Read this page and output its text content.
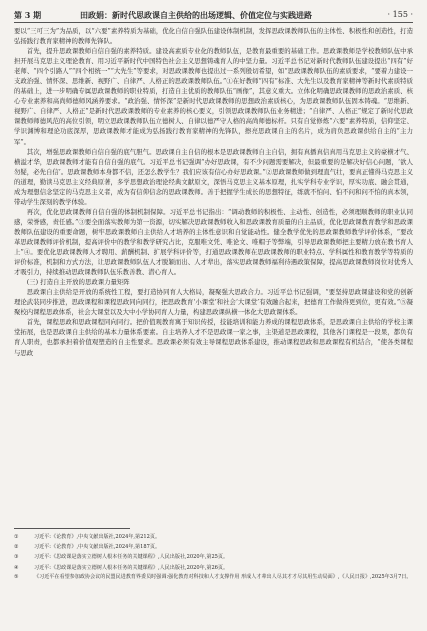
第 3 期	田政娟：新时代思政课自主供给的出场逻辑、价值定位与实践进路	· 155 ·

要以“三可三为”为品质，以“六要”素养特质为基础，优化自信自强队伍建设体制机制，发挥思政课教师队伍的主体性、积极性和创造性，打造弘扬践行教育家精神的教师先锋队。

首先，提升思政课教师自信自强的素养特质。建设高素质专业化的教师队伍，是教育最重要的基础工作。思政课教师是学校教师队伍中承担开展马克思主义理论教育、用习近平新时代中国特色社会主义思想铸魂育人的中坚力量。习近平总书记对新时代教师队伍建设提出“四有”好老师、“四个引路人”“四个相统一”“大先生”等要求，对思政课教师也提出过一系列殷切希望，如“思政课教师队伍的素质要求，“要着力建设一支政治强、情怀深、思维新、视野广、自律严、人格正的思政课教师队伍。”①在好教师“四有”标准、大先生以及教育家精神等新时代素质特质的基础上，进一步明确专属思政课教师的职业特质，打造自主优质的教师队伍“画像”，其意义重大。立体化明确思政课教师的思政治素质、核心专业素养和高尚师德师风涵养要求。“政治强、情怀深”是新时代思政课教师的思想政治素质核心，为思政课教师队伍固本铸魂。“思维新、视野广、自律严、人格正”是新时代思政课教师的专业素养的核心要义，引领思政课教师队伍业务精进；“自律严、人格正”规定了新时代思政课教师师德风范的高位引领，明立思政课教师队伍立德树人、自律以德严守人格的高尚师德标杆。只有自觉修炼“六要”素养特质，信仰坚定、学识渊博和理论功底深厚，思政课教师才能成为弘扬践行教育家精神的先锋队，擦亮思政课自主的名片，成为肩负思政课供给自主的“主力军”。

其次，增强思政课教师自信自强的底气胆气。思政课自主自信的根本是思政课教师自主自信，拥有真播真信真用马克思主义的豪横才气、横溢才华，思政课教师才能有自信自强的底气。习近平总书记强调“办好思政课，有不少问题需要解决，但最重要的是解决好信心问题，‘欲人勿疑，必先自信’。思政课教师本身都不信，还怎么教学生？我们应该有信心办好思政课。”②思政课教师做到理直气壮，要真正懂得马克思主义的道理，勤读马克思主义经典原著，多学思想政治理论经典文献原文，深悟马克思主义基本原理，扎实学科专业学识，厚实功底、融会贯通，成为理想信念坚定的马克思主义者，成为有信仰信念的思政课教师。善于把握学生成长的思想特征，练就不怕问、怕不问和问不怕的真本领，带动学生深刻的教学体验。

再次，优化思政课教师自信自强的体制机制保障。习近平总书记指出：“调动教师的积极性、主动性、创造性，必须理顺教师的职业认同感，荣誉感，责任感。”③要全面落实教师为第一资源，切实解决思政课教师收入和思政课教育质量的自主品质，优化思政课教育教学和思政课教师队伍建设的重要命题，树牢思政课教师自主供给人才培养的主体性意识和自觉能动性。健全教学优先的思政课教师教学评价体系，“要改革思政课教师评价机制，提高评价中的教学和教学研究占比，克服唯文凭、唯论文、唯帽子等弊端，引导思政课教师把主要精力放在教书育人上”④。要优化思政课教师人才聘用、薪酬机制、扩展学科评价等，打通思政课教师在思政课教师的职业特点、学科属性和教育教学等特质的评价标准，机制和方式方法，让思政课教师队伍人才脱颖而出、人才辈出，落实思政课教师福利待遇政策保障，提高思政课教师岗位对优秀人才吸引力，持续推动思政课教师队伍乐教善教、潜心育人。

(三) 打造自主开放的思政课力量矩阵

思政课自主供给是开放的系统性工程，要打造协同育人大格局，凝聚强大思政合力。习近平总书记强调，“要坚持思政课建设和党的创新理论武装同步推进，思政课程和课程思政同向同行，把思政教育‘小课堂’和社会‘大课堂’有效融合起来，把德育工作做得更到位，更有效。”⑤凝聚校内课程思政体系，社会大课堂以及大中小学协同育人力量，构建思政课纵横一体化大思政课体系。

首先，课程思政和思政课程同向同行。把价值观教育寓于知识传授，技能培训和能力养成的课程思政体系，是思政课自主供给的学校主课堂拓展，也是思政课自主供给的基本力量体系要素。自主培养人才不是思政课一家之事，主渠道是思政课程，其他各门课程是一段果，都负有育人职责，也都承担着价值观塑造的自主性要求。思政课必须有效主导课程思政体系建设，推动课程思政和思政课程有机结合，“使各类课程与思政

①	习近平:《论教育》,中央文献出版社,2024年,第212页。
②	习近平:《论教育》,中央文献出版社,2024年,第187页。
③	习近平:《思政课是落实立德树人根本任务的关键课程》,人民出版社,2020年,第25页。
④	习近平:《思政课是落实立德树人根本任务的关键课程》,人民出版社,2020年,第26页。
⑤	《习近平在看望参加政协会议的民盟民进教育界委员时强调:强化教育对科技和人才支撑作用 形成人才辈出人尽其才才尽其用生动局面》,《人民日报》,2025年3月7日。
